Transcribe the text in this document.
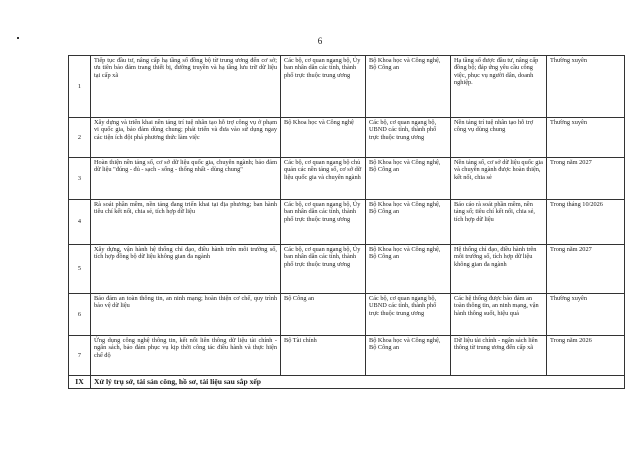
6
1	Tiếp tục đầu tư, nâng cấp hạ tầng số đồng bộ từ trung ương đến cơ sở; ưu tiên bảo đảm trang thiết bị, đường truyền và hạ tầng lưu trữ dữ liệu tại cấp xã	Các bộ, cơ quan ngang bộ, Ủy ban nhân dân các tỉnh, thành phố trực thuộc trung ương	Bộ Khoa học và Công nghệ, Bộ Công an	Hạ tầng số được đầu tư, nâng cấp đồng bộ; đáp ứng yêu cầu công việc, phục vụ người dân, doanh nghiệp.	Thường xuyên
2	Xây dựng và triển khai nền tảng trí tuệ nhân tạo hỗ trợ công vụ ở phạm vi quốc gia, bảo đảm dùng chung; phát triển và đưa vào sử dụng ngay các tiện ích đột phá phương thức làm việc	Bộ Khoa học và Công nghệ	Các bộ, cơ quan ngang bộ, UBND các tỉnh, thành phố trực thuộc trung ương	Nền tảng trí tuệ nhân tạo hỗ trợ công vụ dùng chung	Thường xuyên
3	Hoàn thiện nền tảng số, cơ sở dữ liệu quốc gia, chuyên ngành; bảo đảm dữ liệu "đúng - đủ - sạch - sống - thống nhất - dùng chung"	Các bộ, cơ quan ngang bộ chủ quản các nền tảng số, cơ sở dữ liệu quốc gia và chuyên ngành	Bộ Khoa học và Công nghệ, Bộ Công an	Nền tảng số, cơ sở dữ liệu quốc gia và chuyên ngành được hoàn thiện, kết nối, chia sẻ	Trong năm 2027
4	Rà soát phần mềm, nền tảng đang triển khai tại địa phương; ban hành tiêu chí kết nối, chia sẻ, tích hợp dữ liệu	Các bộ, cơ quan ngang bộ, Ủy ban nhân dân các tỉnh, thành phố trực thuộc trung ương	Bộ Khoa học và Công nghệ, Bộ Công an	Báo cáo rà soát phần mềm, nền tảng số; tiêu chí kết nối, chia sẻ, tích hợp dữ liệu	Trong tháng 10/2026
5	Xây dựng, vận hành hệ thống chỉ đạo, điều hành trên môi trường số, tích hợp đồng bộ dữ liệu không gian đa ngành	Các bộ, cơ quan ngang bộ, Ủy ban nhân dân các tỉnh, thành phố trực thuộc trung ương	Bộ Khoa học và Công nghệ, Bộ Công an	Hệ thống chỉ đạo, điều hành trên môi trường số, tích hợp dữ liệu không gian đa ngành	Trong năm 2027
6	Bảo đảm an toàn thông tin, an ninh mạng; hoàn thiện cơ chế, quy trình bảo vệ dữ liệu	Bộ Công an	Các bộ, cơ quan ngang bộ, UBND các tỉnh, thành phố trực thuộc trung ương	Các hệ thống được bảo đảm an toàn thông tin, an ninh mạng, vận hành thông suốt, hiệu quả	Thường xuyên
7	Ứng dụng công nghệ thông tin, kết nối liên thông dữ liệu tài chính - ngân sách, bảo đảm phục vụ kịp thời công tác điều hành và thực hiện chế độ	Bộ Tài chính	Bộ Khoa học và Công nghệ, Bộ Công an	Dữ liệu tài chính - ngân sách liên thông từ trung ương đến cấp xã	Trong năm 2026
IX	Xử lý trụ sở, tài sản công, hồ sơ, tài liệu sau sắp xếp				
